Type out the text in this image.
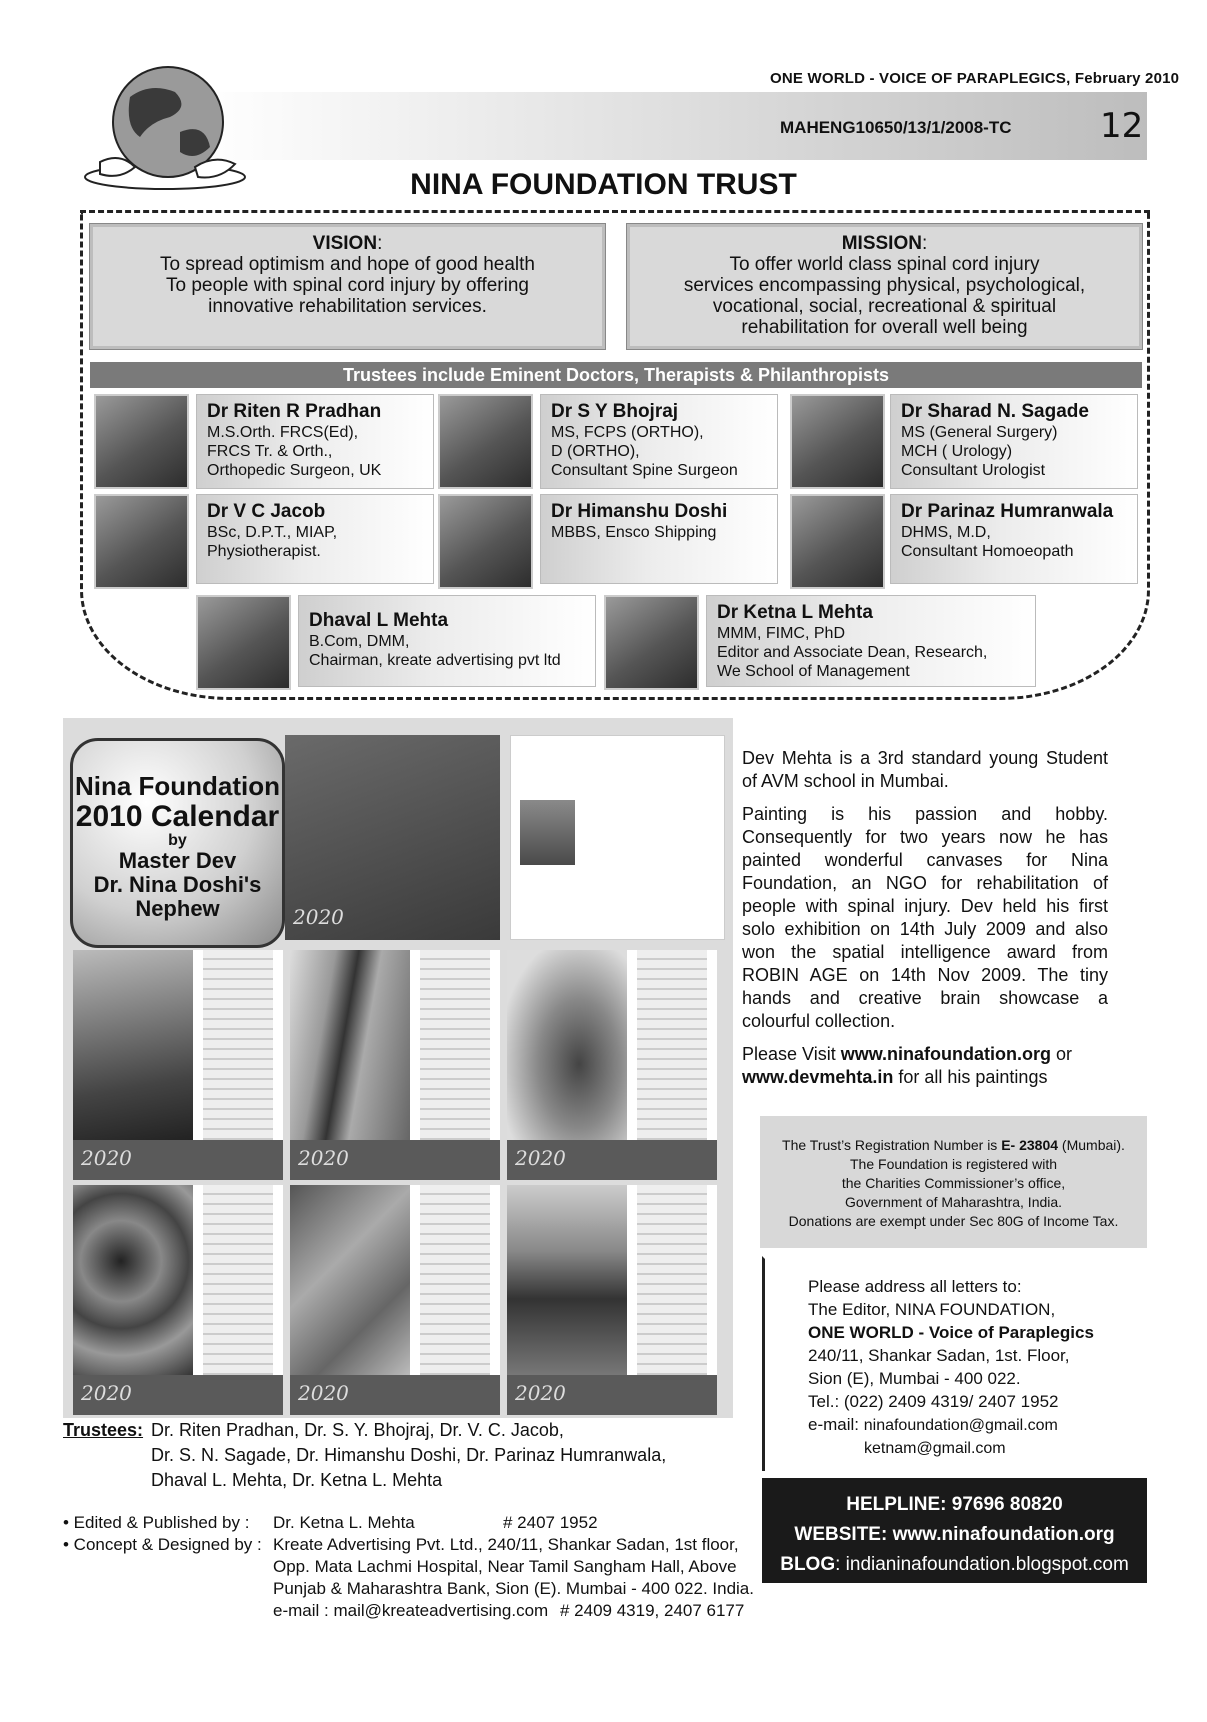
ONE WORLD - VOICE OF PARAPLEGICS, February 2010
MAHENG10650/13/1/2008-TC	12
NINA FOUNDATION TRUST
VISION:
To spread optimism and hope of good health
To people with spinal cord injury by offering
innovative rehabilitation services.
MISSION:
To offer world class spinal cord injury
services encompassing physical, psychological,
vocational, social, recreational & spiritual
rehabilitation for overall well being
Trustees include Eminent Doctors, Therapists & Philanthropists
Dr Riten R Pradhan
M.S.Orth. FRCS(Ed),
FRCS Tr. & Orth.,
Orthopedic Surgeon, UK
Dr S Y Bhojraj
MS, FCPS (ORTHO),
D (ORTHO),
Consultant Spine Surgeon
Dr Sharad N. Sagade
MS (General Surgery)
MCH ( Urology)
Consultant Urologist
Dr V C Jacob
BSc, D.P.T., MIAP,
Physiotherapist.
Dr Himanshu Doshi
MBBS, Ensco Shipping
Dr Parinaz Humranwala
DHMS, M.D,
Consultant Homoeopath
Dhaval L Mehta
B.Com, DMM,
Chairman, kreate advertising pvt ltd
Dr Ketna L Mehta
MMM, FIMC, PhD
Editor and Associate Dean, Research,
We School of Management
2020
Nina Foundation
2010 Calendar
by
Master Dev
Dr. Nina Doshi's
Nephew
2020	2020	2020
2020	2020	2020

Dev Mehta is a 3rd standard young Student of AVM school in Mumbai.

Painting is his passion and hobby. Consequently for two years now he has painted wonderful canvases for Nina Foundation, an NGO for rehabilitation of people with spinal injury. Dev held his first solo exhibition on 14th July 2009 and also won the spatial intelligence award from ROBIN AGE on 14th Nov 2009. The tiny hands and creative brain showcase a colourful collection.

Please Visit www.ninafoundation.org or www.devmehta.in for all his paintings

The Trust’s Registration Number is E- 23804 (Mumbai).
The Foundation is registered with
the Charities Commissioner’s office,
Government of Maharashtra, India.
Donations are exempt under Sec 80G of Income Tax.
Please address all letters to:
The Editor, NINA FOUNDATION,
ONE WORLD - Voice of Paraplegics
240/11, Shankar Sadan, 1st. Floor,
Sion (E), Mumbai - 400 022.
Tel.: (022) 2409 4319/ 2407 1952
e-mail: ninafoundation@gmail.com
ketnam@gmail.com
HELPLINE: 97696 80820
WEBSITE: www.ninafoundation.org
BLOG: indianinafoundation.blogspot.com
Trustees: Dr. Riten Pradhan, Dr. S. Y. Bhojraj, Dr. V. C. Jacob,
Dr. S. N. Sagade, Dr. Himanshu Doshi, Dr. Parinaz Humranwala,
Dhaval L. Mehta, Dr. Ketna L. Mehta
• Edited & Published by : Dr. Ketna L. Mehta	# 2407 1952
• Concept & Designed by : Kreate Advertising Pvt. Ltd., 240/11, Shankar Sadan, 1st floor,
Opp. Mata Lachmi Hospital, Near Tamil Sangham Hall, Above
Punjab & Maharashtra Bank, Sion (E). Mumbai - 400 022. India.
e-mail : mail@kreateadvertising.com # 2409 4319, 2407 6177
